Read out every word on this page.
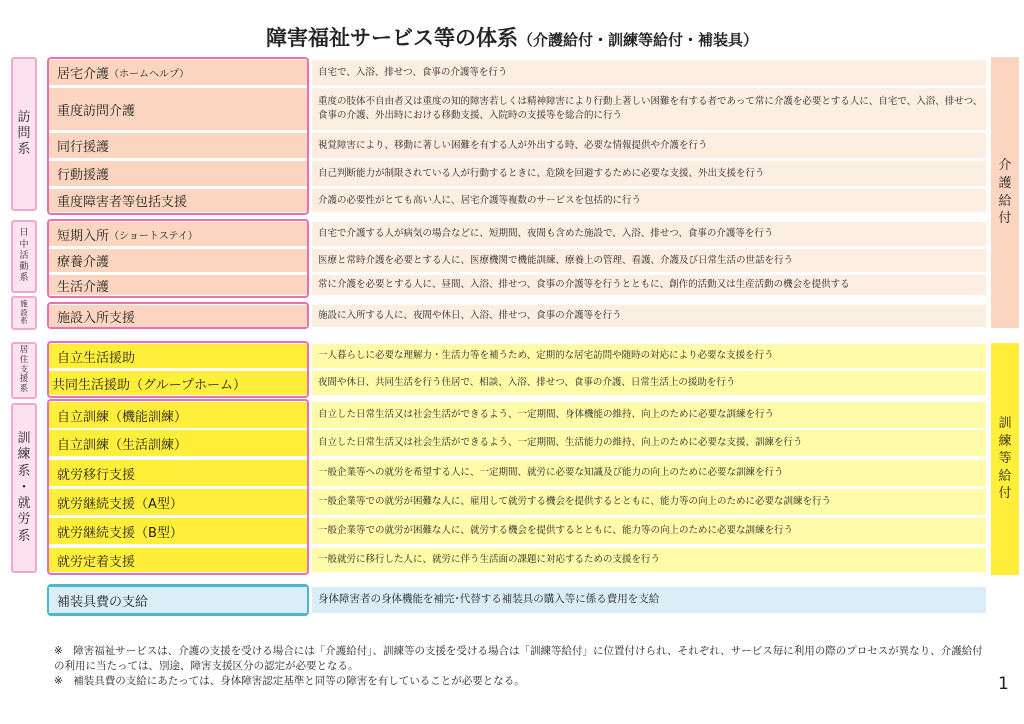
障害福祉サービス等の体系（介護給付・訓練等給付・補装具）
訪
問
系
日
中
活
動
系
施
設
系
居
住
支
援
系
訓
練
系
・
就
労
系
介
護
給
付
訓
練
等
給
付
居宅介護 （ホームヘルプ）
重度訪問介護
同行援護
行動援護
重度障害者等包括支援
短期入所 （ショートステイ）
療養介護
生活介護
施設入所支援
自立生活援助
共同生活援助（グループホーム）
自立訓練（機能訓練）
自立訓練（生活訓練）
就労移行支援
就労継続支援（A型）
就労継続支援（B型）
就労定着支援
補装具費の支給
自宅で、入浴、排せつ、食事の介護等を行う
重度の肢体不自由者又は重度の知的障害若しくは精神障害により行動上著しい困難を有する者であって常に介護を必要とする人に、自宅で、入浴、排せつ、食事の介護、外出時における移動支援、入院時の支援等を総合的に行う
視覚障害により、移動に著しい困難を有する人が外出する時、必要な情報提供や介護を行う
自己判断能力が制限されている人が行動するときに、危険を回避するために必要な支援、外出支援を行う
介護の必要性がとても高い人に、居宅介護等複数のサービスを包括的に行う
自宅で介護する人が病気の場合などに、短期間、夜間も含めた施設で、入浴、排せつ、食事の介護等を行う
医療と常時介護を必要とする人に、医療機関で機能訓練、療養上の管理、看護、介護及び日常生活の世話を行う
常に介護を必要とする人に、昼間、入浴、排せつ、食事の介護等を行うとともに、創作的活動又は生産活動の機会を提供する
施設に入所する人に、夜間や休日、入浴、排せつ、食事の介護等を行う
一人暮らしに必要な理解力・生活力等を補うため、定期的な居宅訪問や随時の対応により必要な支援を行う
夜間や休日、共同生活を行う住居で、相談、入浴、排せつ、食事の介護、日常生活上の援助を行う
自立した日常生活又は社会生活ができるよう、一定期間、身体機能の維持、向上のために必要な訓練を行う
自立した日常生活又は社会生活ができるよう、一定期間、生活能力の維持、向上のために必要な支援、訓練を行う
一般企業等への就労を希望する人に、一定期間、就労に必要な知識及び能力の向上のために必要な訓練を行う
一般企業等での就労が困難な人に、雇用して就労する機会を提供するとともに、能力等の向上のために必要な訓練を行う
一般企業等での就労が困難な人に、就労する機会を提供するとともに、能力等の向上のために必要な訓練を行う
一般就労に移行した人に、就労に伴う生活面の課題に対応するための支援を行う
身体障害者の身体機能を補完･代替する補装具の購入等に係る費用を支給
※　障害福祉サービスは、介護の支援を受ける場合には「介護給付」、訓練等の支援を受ける場合は「訓練等給付」に位置付けられ、それぞれ、サービス毎に利用の際のプロセスが異なり、介護給付の利用に当たっては、別途、障害支援区分の認定が必要となる。
※　補装具費の支給にあたっては、身体障害認定基準と同等の障害を有していることが必要となる。	1
